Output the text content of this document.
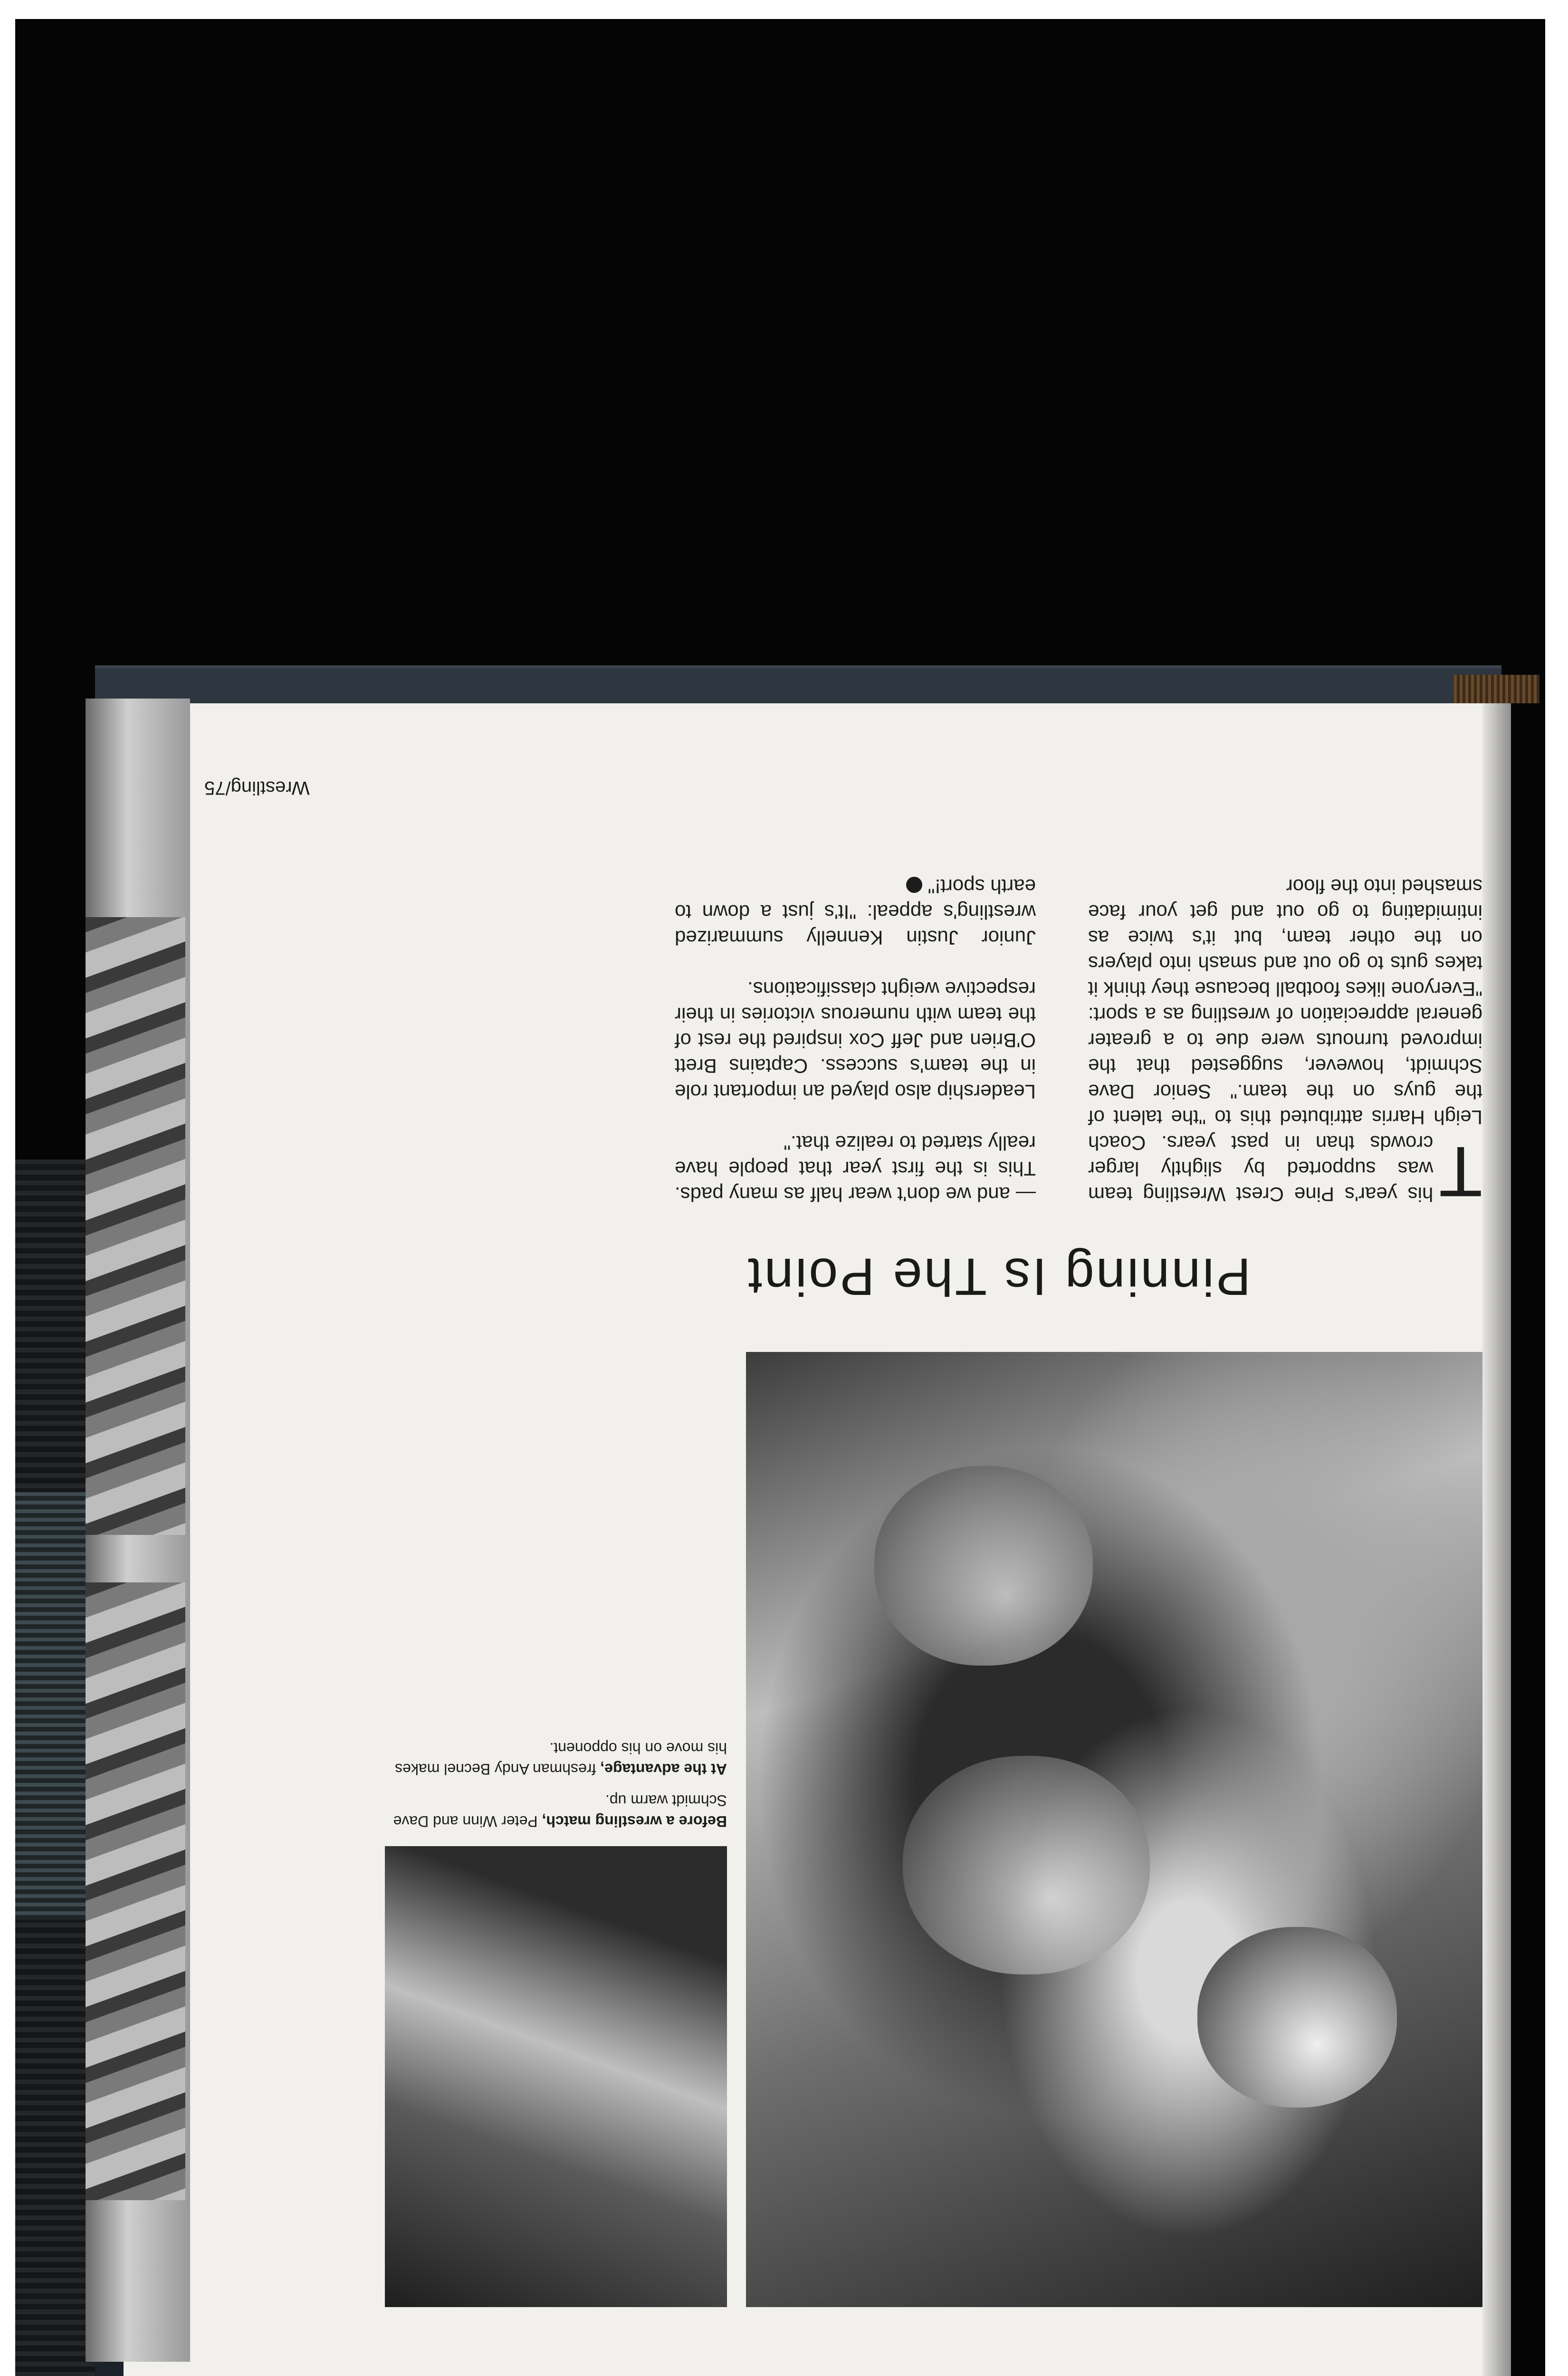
Before a wrestling match, Peter Winn and Dave Schmidt warm up.
At the advantage, freshman Andy Becnel makes his move on his opponent.
Pinning Is The Point
T
his year's Pine Crest Wrestling team was supported by slightly larger crowds than in past years. Coach Leigh Harris attributed this to "the talent of the guys on the team." Senior Dave Schmidt, however, suggested that the improved turnouts were due to a greater general appreciation of wrestling as a sport: "Everyone likes football because they think it takes guts to go out and smash into players on the other team, but it's twice as intimidating to go out and get your face smashed into the floor

— and we don't wear half as many pads. This is the first year that people have really started to realize that."

Leadership also played an important role in the team's success. Captains Brett O'Brien and Jeff Cox inspired the rest of the team with numerous victories in their respective weight classifications.

Junior Justin Kennelly summarized wrestling's appeal: "It's just a down to earth sport!"

Wrestling/75
